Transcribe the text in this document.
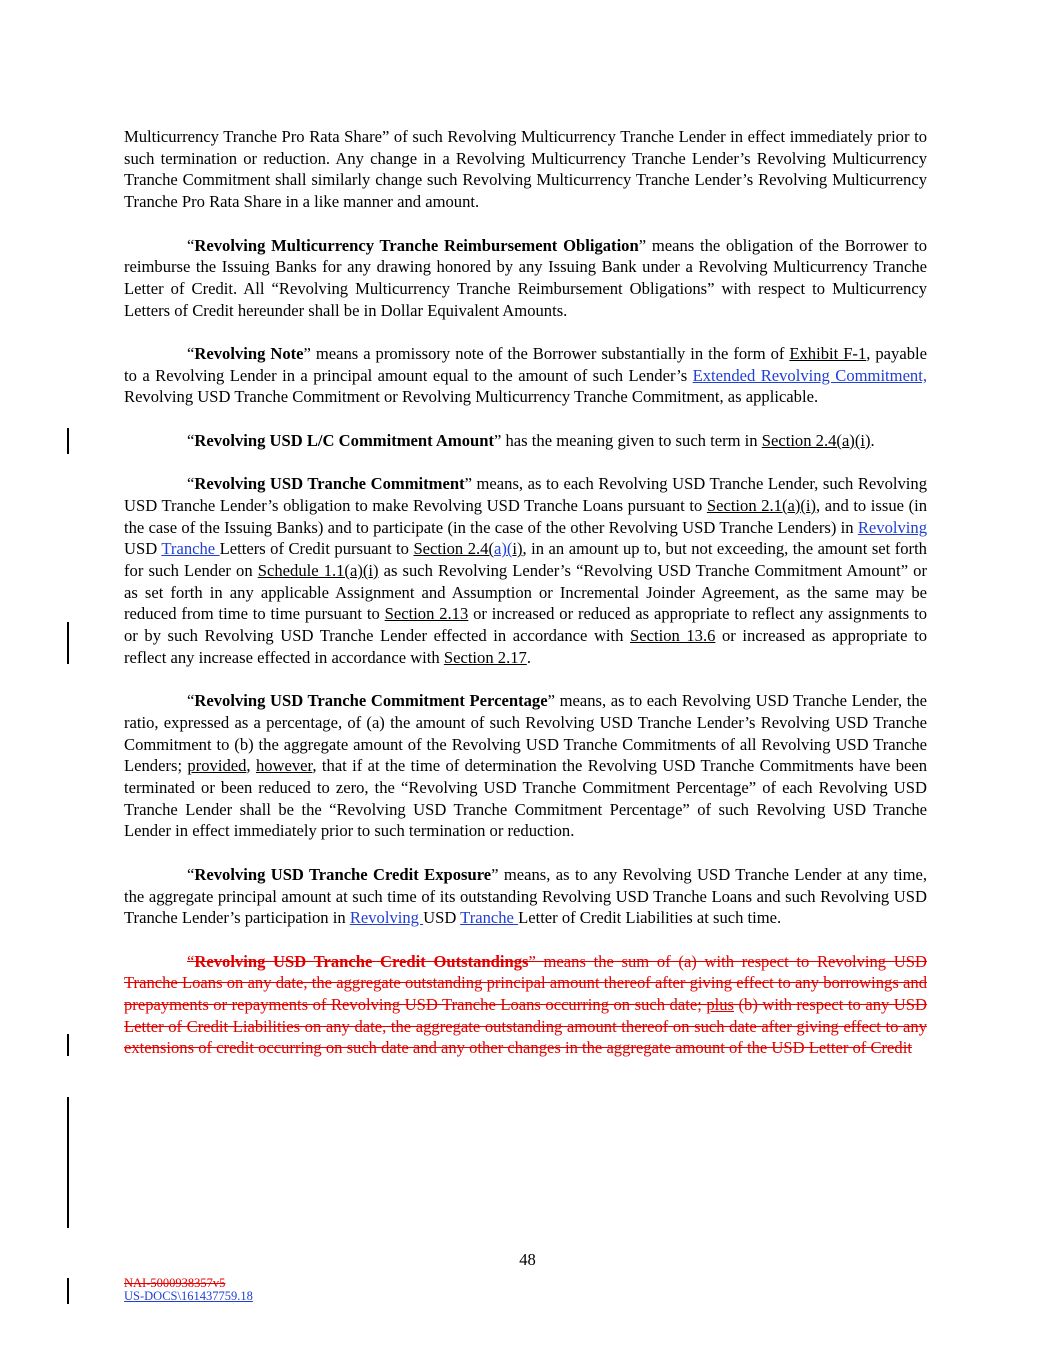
Multicurrency Tranche Pro Rata Share” of such Revolving Multicurrency Tranche Lender in effect immediately prior to such termination or reduction. Any change in a Revolving Multicurrency Tranche Lender’s Revolving Multicurrency Tranche Commitment shall similarly change such Revolving Multicurrency Tranche Lender’s Revolving Multicurrency Tranche Pro Rata Share in a like manner and amount.

“Revolving Multicurrency Tranche Reimbursement Obligation” means the obligation of the Borrower to reimburse the Issuing Banks for any drawing honored by any Issuing Bank under a Revolving Multicurrency Tranche Letter of Credit. All “Revolving Multicurrency Tranche Reimbursement Obligations” with respect to Multicurrency Letters of Credit hereunder shall be in Dollar Equivalent Amounts.

“Revolving Note” means a promissory note of the Borrower substantially in the form of Exhibit F-1, payable to a Revolving Lender in a principal amount equal to the amount of such Lender’s Extended Revolving Commitment, Revolving USD Tranche Commitment or Revolving Multicurrency Tranche Commitment, as applicable.

“Revolving USD L/C Commitment Amount” has the meaning given to such term in Section 2.4(a)(i).

“Revolving USD Tranche Commitment” means, as to each Revolving USD Tranche Lender, such Revolving USD Tranche Lender’s obligation to make Revolving USD Tranche Loans pursuant to Section 2.1(a)(i), and to issue (in the case of the Issuing Banks) and to participate (in the case of the other Revolving USD Tranche Lenders) in Revolving USD Tranche Letters of Credit pursuant to Section 2.4(a)(i), in an amount up to, but not exceeding, the amount set forth for such Lender on Schedule 1.1(a)(i) as such Revolving Lender’s “Revolving USD Tranche Commitment Amount” or as set forth in any applicable Assignment and Assumption or Incremental Joinder Agreement, as the same may be reduced from time to time pursuant to Section 2.13 or increased or reduced as appropriate to reflect any assignments to or by such Revolving USD Tranche Lender effected in accordance with Section 13.6 or increased as appropriate to reflect any increase effected in accordance with Section 2.17.

“Revolving USD Tranche Commitment Percentage” means, as to each Revolving USD Tranche Lender, the ratio, expressed as a percentage, of (a) the amount of such Revolving USD Tranche Lender’s Revolving USD Tranche Commitment to (b) the aggregate amount of the Revolving USD Tranche Commitments of all Revolving USD Tranche Lenders; provided, however, that if at the time of determination the Revolving USD Tranche Commitments have been terminated or been reduced to zero, the “Revolving USD Tranche Commitment Percentage” of each Revolving USD Tranche Lender shall be the “Revolving USD Tranche Commitment Percentage” of such Revolving USD Tranche Lender in effect immediately prior to such termination or reduction.

“Revolving USD Tranche Credit Exposure” means, as to any Revolving USD Tranche Lender at any time, the aggregate principal amount at such time of its outstanding Revolving USD Tranche Loans and such Revolving USD Tranche Lender’s participation in Revolving USD Tranche Letter of Credit Liabilities at such time.

“Revolving USD Tranche Credit Outstandings” means the sum of (a) with respect to Revolving USD Tranche Loans on any date, the aggregate outstanding principal amount thereof after giving effect to any borrowings and prepayments or repayments of Revolving USD Tranche Loans occurring on such date; plus (b) with respect to any USD Letter of Credit Liabilities on any date, the aggregate outstanding amount thereof on such date after giving effect to any extensions of credit occurring on such date and any other changes in the aggregate amount of the USD Letter of Credit

48
NAI-5000938357v5
US-DOCS\161437759.18
